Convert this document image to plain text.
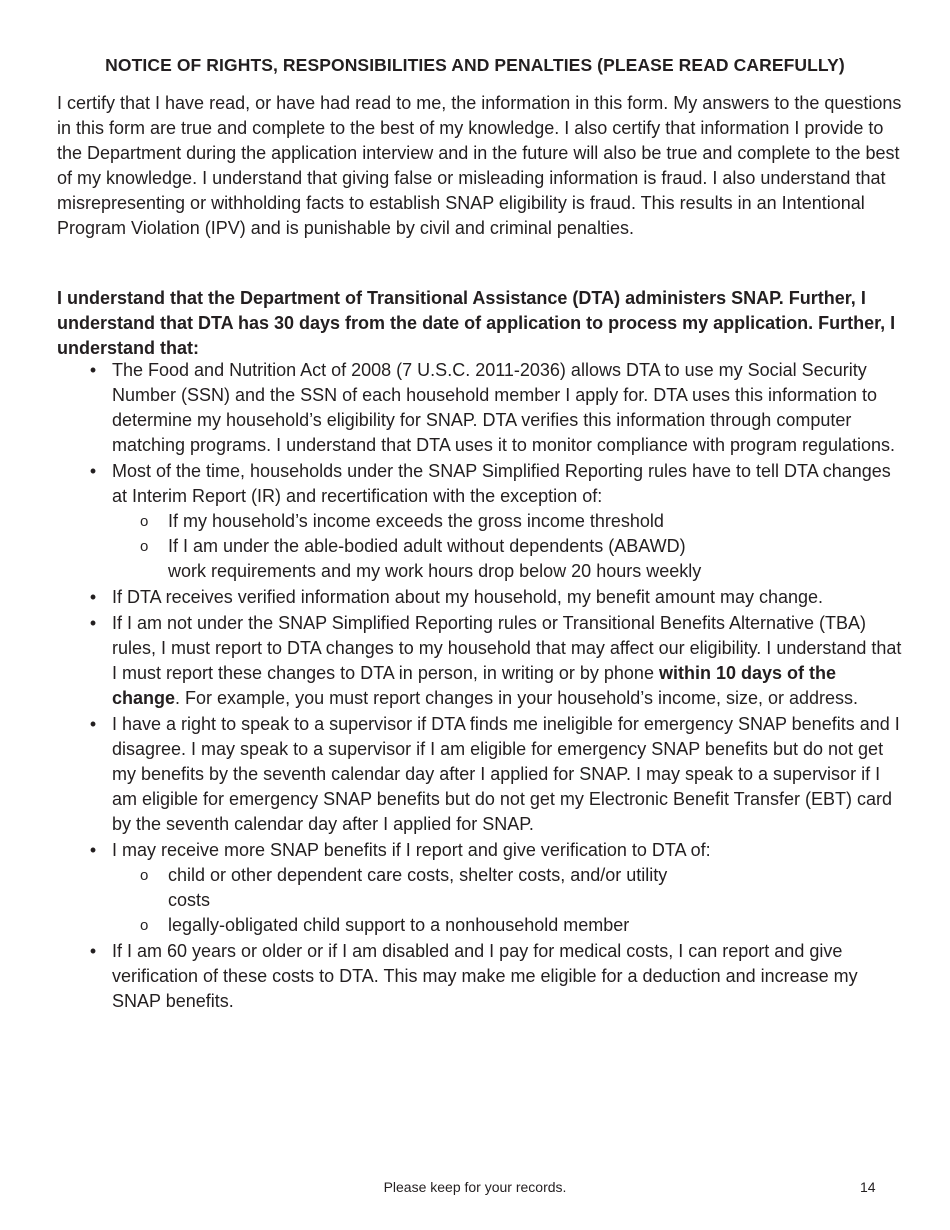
NOTICE OF RIGHTS, RESPONSIBILITIES AND PENALTIES (PLEASE READ CAREFULLY)

I certify that I have read, or have had read to me, the information in this form. My answers to the questions in this form are true and complete to the best of my knowledge. I also certify that information I provide to the Department during the application interview and in the future will also be true and complete to the best of my knowledge. I understand that giving false or misleading information is fraud. I also understand that misrepresenting or withholding facts to establish SNAP eligibility is fraud. This results in an Intentional Program Violation (IPV) and is punishable by civil and criminal penalties.

I understand that the Department of Transitional Assistance (DTA) administers SNAP. Further, I understand that DTA has 30 days from the date of application to process my application. Further, I understand that:

• The Food and Nutrition Act of 2008 (7 U.S.C. 2011-2036) allows DTA to use my Social Security Number (SSN) and the SSN of each household member I apply for. DTA uses this information to determine my household’s eligibility for SNAP. DTA verifies this information through computer matching programs. I understand that DTA uses it to monitor compliance with program regulations.
• Most of the time, households under the SNAP Simplified Reporting rules have to tell DTA changes at Interim Report (IR) and recertification with the exception of:
o If my household’s income exceeds the gross income threshold
o If I am under the able-bodied adult without dependents (ABAWD) work requirements and my work hours drop below 20 hours weekly
• If DTA receives verified information about my household, my benefit amount may change.
• If I am not under the SNAP Simplified Reporting rules or Transitional Benefits Alternative (TBA) rules, I must report to DTA changes to my household that may affect our eligibility. I understand that I must report these changes to DTA in person, in writing or by phone within 10 days of the change. For example, you must report changes in your household’s income, size, or address.
• I have a right to speak to a supervisor if DTA finds me ineligible for emergency SNAP benefits and I disagree. I may speak to a supervisor if I am eligible for emergency SNAP benefits but do not get my benefits by the seventh calendar day after I applied for SNAP. I may speak to a supervisor if I am eligible for emergency SNAP benefits but do not get my Electronic Benefit Transfer (EBT) card by the seventh calendar day after I applied for SNAP.
• I may receive more SNAP benefits if I report and give verification to DTA of:
o child or other dependent care costs, shelter costs, and/or utility costs
o legally-obligated child support to a nonhousehold member
• If I am 60 years or older or if I am disabled and I pay for medical costs, I can report and give verification of these costs to DTA. This may make me eligible for a deduction and increase my SNAP benefits.
Please keep for your records.	14
